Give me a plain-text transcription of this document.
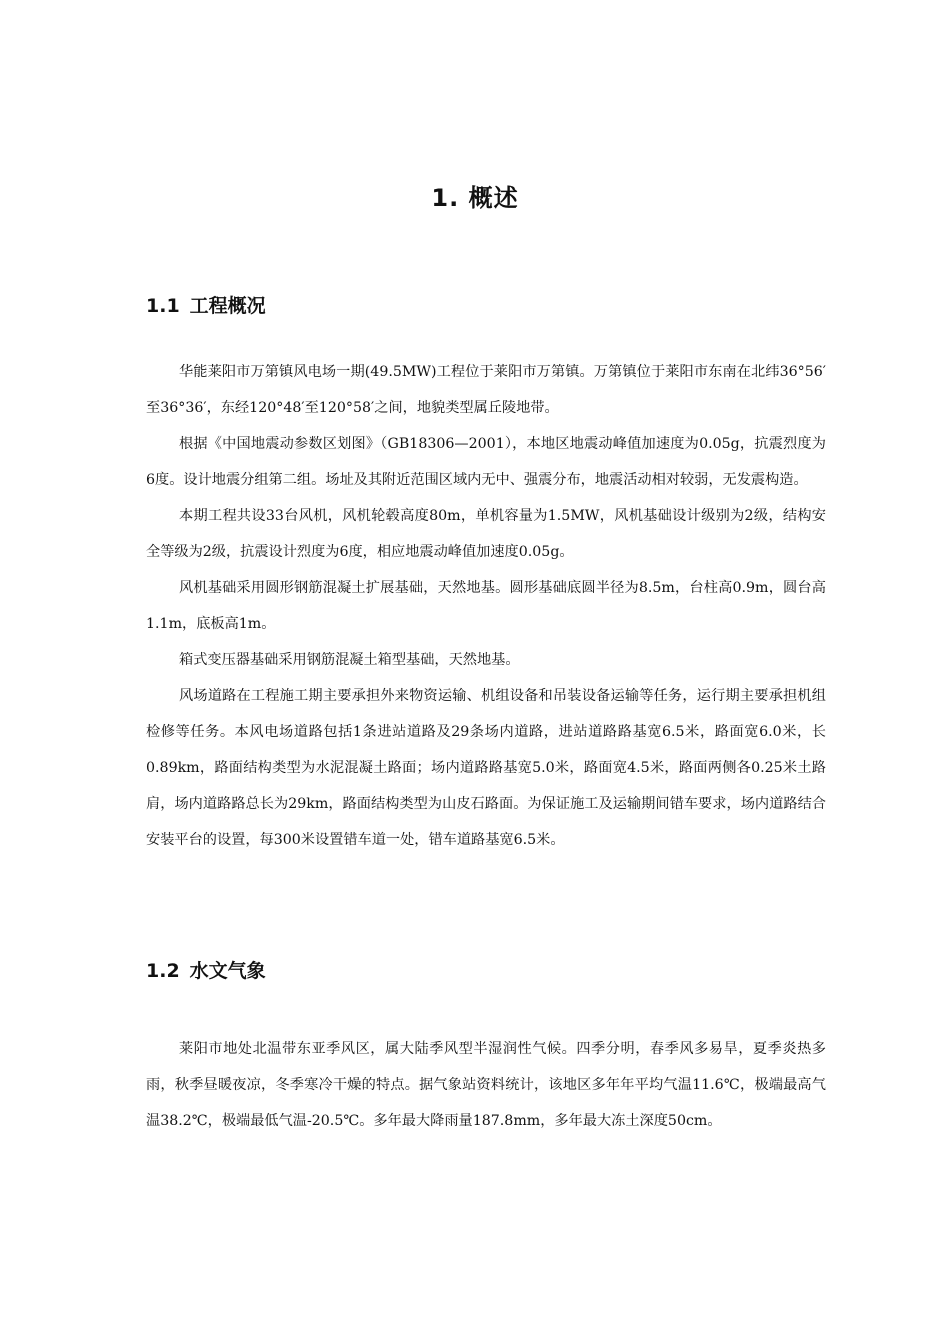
1. 概述
1.1 工程概况

华能莱阳市万第镇风电场一期(49.5MW)工程位于莱阳市万第镇。万第镇位于莱阳市东南在北纬36°56′至36°36′，东经120°48′至120°58′之间，地貌类型属丘陵地带。

根据《中国地震动参数区划图》（GB18306—2001），本地区地震动峰值加速度为0.05g，抗震烈度为6度。设计地震分组第二组。场址及其附近范围区域内无中、强震分布，地震活动相对较弱，无发震构造。

本期工程共设33台风机，风机轮毂高度80m，单机容量为1.5MW，风机基础设计级别为2级，结构安全等级为2级，抗震设计烈度为6度，相应地震动峰值加速度0.05g。

风机基础采用圆形钢筋混凝土扩展基础，天然地基。圆形基础底圆半径为8.5m，台柱高0.9m，圆台高1.1m，底板高1m。

箱式变压器基础采用钢筋混凝土箱型基础，天然地基。

风场道路在工程施工期主要承担外来物资运输、机组设备和吊装设备运输等任务，运行期主要承担机组检修等任务。本风电场道路包括1条进站道路及29条场内道路，进站道路路基宽6.5米，路面宽6.0米，长0.89km，路面结构类型为水泥混凝土路面；场内道路路基宽5.0米，路面宽4.5米，路面两侧各0.25米土路肩，场内道路路总长为29km，路面结构类型为山皮石路面。为保证施工及运输期间错车要求，场内道路结合安装平台的设置，每300米设置错车道一处，错车道路基宽6.5米。

1.2 水文气象

莱阳市地处北温带东亚季风区，属大陆季风型半湿润性气候。四季分明，春季风多易旱，夏季炎热多雨，秋季昼暖夜凉，冬季寒冷干燥的特点。据气象站资料统计，该地区多年年平均气温11.6℃，极端最高气温38.2℃，极端最低气温-20.5℃。多年最大降雨量187.8mm，多年最大冻土深度50cm。
